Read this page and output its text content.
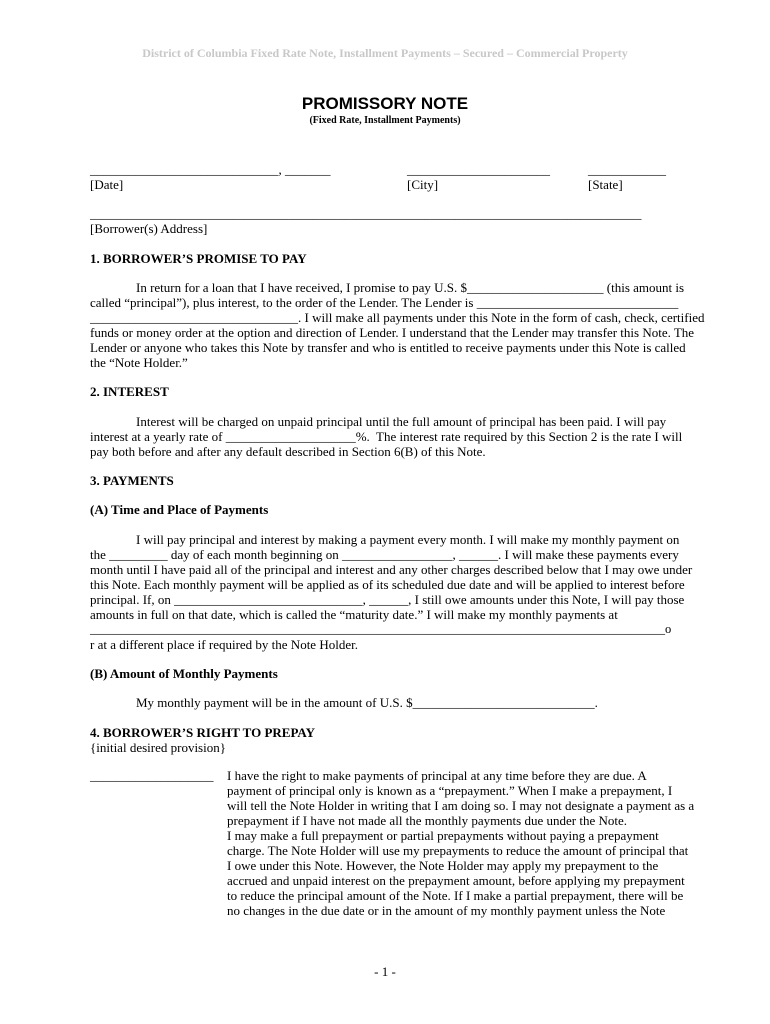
District of Columbia Fixed Rate Note, Installment Payments – Secured – Commercial Property
PROMISSORY NOTE
(Fixed Rate, Installment Payments)
_____________________________, _______	______________________	____________
[Date]	[City]	[State]
_________________________________________________________________________________________
[Borrower(s) Address]
1. BORROWER’S PROMISE TO PAY
In return for a loan that I have received, I promise to pay U.S. $_____________________ (this amount is
called “principal”), plus interest, to the order of the Lender. The Lender is _______________________________
________________________________. I will make all payments under this Note in the form of cash, check, certified
funds or money order at the option and direction of Lender. I understand that the Lender may transfer this Note. The
Lender or anyone who takes this Note by transfer and who is entitled to receive payments under this Note is called
the “Note Holder.”
2. INTEREST
Interest will be charged on unpaid principal until the full amount of principal has been paid. I will pay
interest at a yearly rate of ____________________%.  The interest rate required by this Section 2 is the rate I will
pay both before and after any default described in Section 6(B) of this Note.
3. PAYMENTS
(A) Time and Place of Payments
I will pay principal and interest by making a payment every month. I will make my monthly payment on
the _________ day of each month beginning on _________________, ______. I will make these payments every
month until I have paid all of the principal and interest and any other charges described below that I may owe under
this Note. Each monthly payment will be applied as of its scheduled due date and will be applied to interest before
principal. If, on _____________________________, ______, I still owe amounts under this Note, I will pay those
amounts in full on that date, which is called the “maturity date.” I will make my monthly payments at
____________________________________________________________________________________________o
r at a different place if required by the Note Holder.
(B) Amount of Monthly Payments
My monthly payment will be in the amount of U.S. $____________________________.
4. BORROWER’S RIGHT TO PREPAY
{initial desired provision}
___________________ I have the right to make payments of principal at any time before they are due. A
payment of principal only is known as a “prepayment.” When I make a prepayment, I
will tell the Note Holder in writing that I am doing so. I may not designate a payment as a
prepayment if I have not made all the monthly payments due under the Note.
I may make a full prepayment or partial prepayments without paying a prepayment
charge. The Note Holder will use my prepayments to reduce the amount of principal that
I owe under this Note. However, the Note Holder may apply my prepayment to the
accrued and unpaid interest on the prepayment amount, before applying my prepayment
to reduce the principal amount of the Note. If I make a partial prepayment, there will be
no changes in the due date or in the amount of my monthly payment unless the Note
- 1 -
